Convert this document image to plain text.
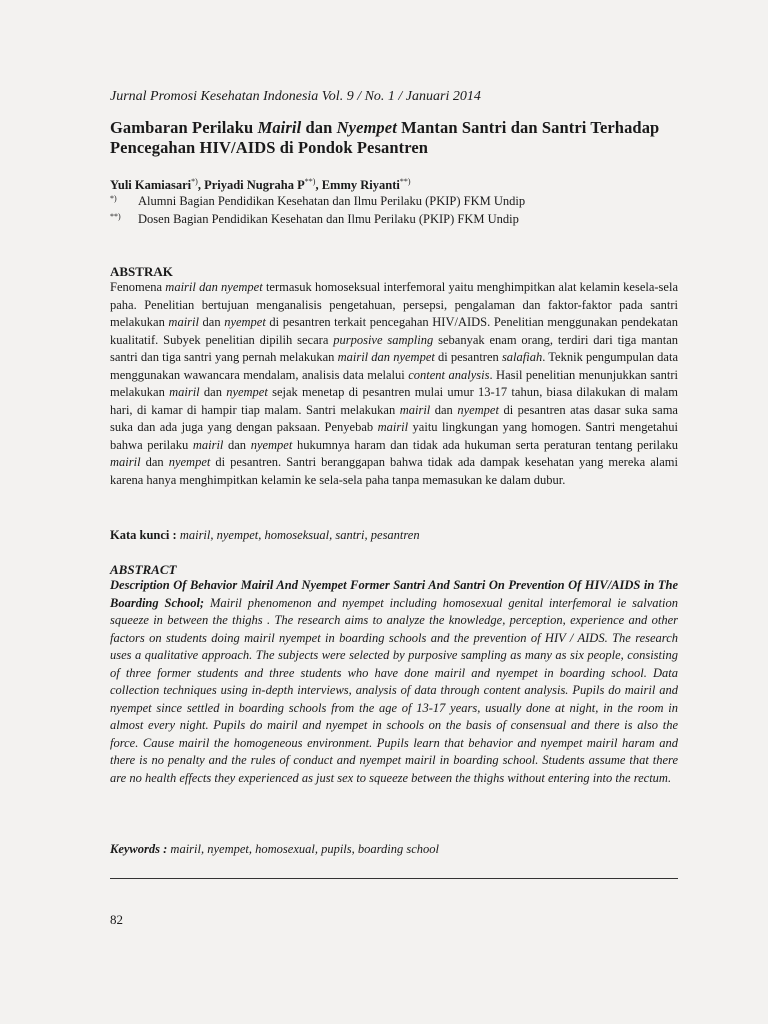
Jurnal Promosi Kesehatan Indonesia Vol. 9 / No. 1 / Januari 2014
Gambaran Perilaku Mairil dan Nyempet Mantan Santri dan Santri Terhadap Pencegahan HIV/AIDS di Pondok Pesantren
Yuli Kamiasari*), Priyadi Nugraha P**), Emmy Riyanti**)
*) Alumni Bagian Pendidikan Kesehatan dan Ilmu Perilaku (PKIP) FKM Undip
**) Dosen Bagian Pendidikan Kesehatan dan Ilmu Perilaku (PKIP) FKM Undip
ABSTRAK
Fenomena mairil dan nyempet termasuk homoseksual interfemoral yaitu menghimpitkan alat kelamin kesela-sela paha. Penelitian bertujuan menganalisis pengetahuan, persepsi, pengalaman dan faktor-faktor pada santri melakukan mairil dan nyempet di pesantren terkait pencegahan HIV/AIDS. Penelitian menggunakan pendekatan kualitatif. Subyek penelitian dipilih secara purposive sampling sebanyak enam orang, terdiri dari tiga mantan santri dan tiga santri yang pernah melakukan mairil dan nyempet di pesantren salafiah. Teknik pengumpulan data menggunakan wawancara mendalam, analisis data melalui content analysis. Hasil penelitian menunjukkan santri melakukan mairil dan nyempet sejak menetap di pesantren mulai umur 13-17 tahun, biasa dilakukan di malam hari, di kamar di hampir tiap malam. Santri melakukan mairil dan nyempet di pesantren atas dasar suka sama suka dan ada juga yang dengan paksaan. Penyebab mairil yaitu lingkungan yang homogen. Santri mengetahui bahwa perilaku mairil dan nyempet hukumnya haram dan tidak ada hukuman serta peraturan tentang perilaku mairil dan nyempet di pesantren. Santri beranggapan bahwa tidak ada dampak kesehatan yang mereka alami karena hanya menghimpitkan kelamin ke sela-sela paha tanpa memasukan ke dalam dubur.
Kata kunci : mairil, nyempet, homoseksual, santri, pesantren
ABSTRACT
Description Of Behavior Mairil And Nyempet Former Santri And Santri On Prevention Of HIV/AIDS in The Boarding School; Mairil phenomenon and nyempet including homosexual genital interfemoral ie salvation squeeze in between the thighs . The research aims to analyze the knowledge, perception, experience and other factors on students doing mairil nyempet in boarding schools and the prevention of HIV / AIDS. The research uses a qualitative approach. The subjects were selected by purposive sampling as many as six people, consisting of three former students and three students who have done mairil and nyempet in boarding school. Data collection techniques using in-depth interviews, analysis of data through content analysis. Pupils do mairil and nyempet since settled in boarding schools from the age of 13-17 years, usually done at night, in the room in almost every night. Pupils do mairil and nyempet in schools on the basis of consensual and there is also the force. Cause mairil the homogeneous environment. Pupils learn that behavior and nyempet mairil haram and there is no penalty and the rules of conduct and nyempet mairil in boarding school. Students assume that there are no health effects they experienced as just sex to squeeze between the thighs without entering into the rectum.
Keywords : mairil, nyempet, homosexual, pupils, boarding school
82
